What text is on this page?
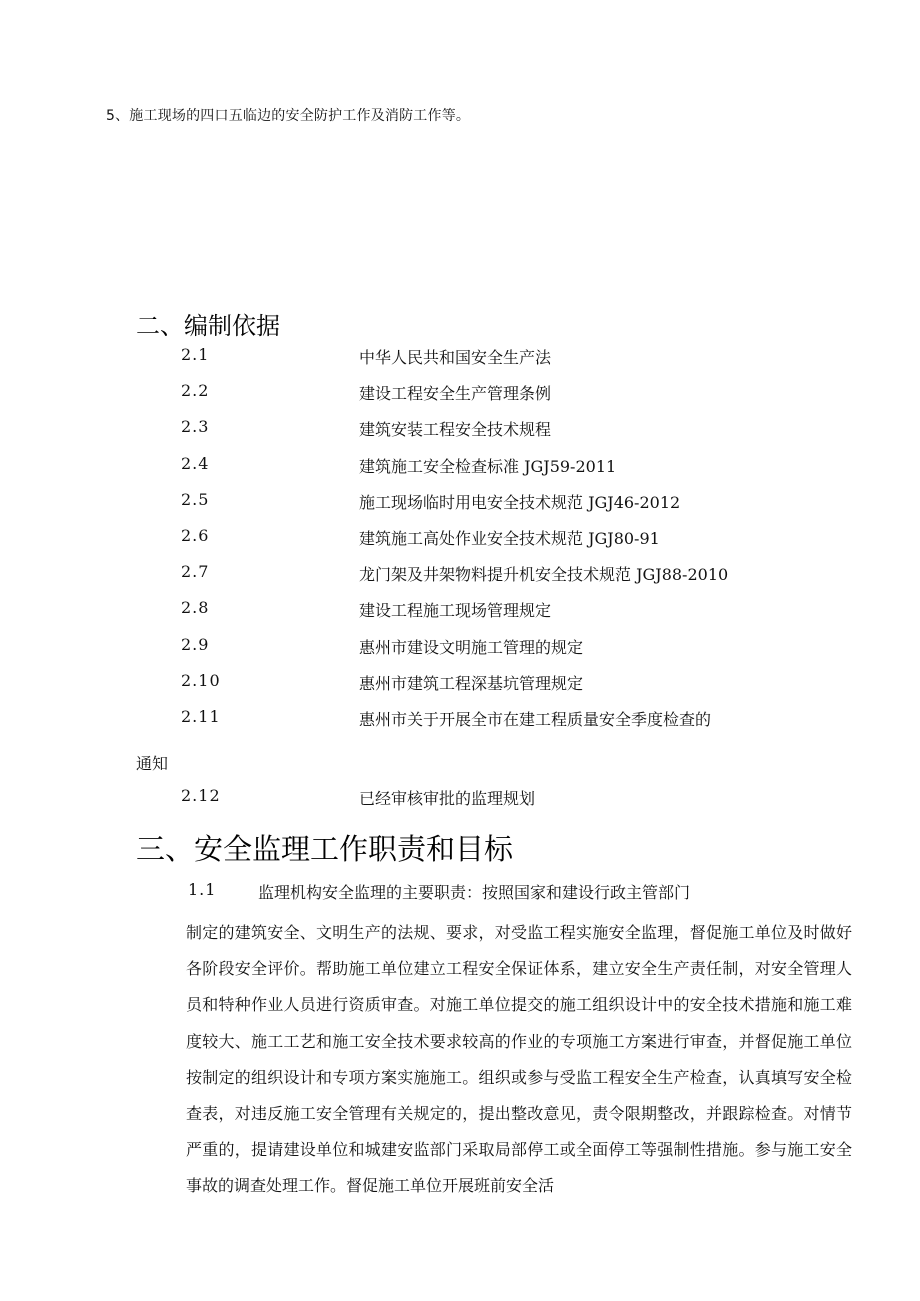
5、施工现场的四口五临边的安全防护工作及消防工作等。
二、编制依据
2.1	中华人民共和国安全生产法
2.2	建设工程安全生产管理条例
2.3	建筑安装工程安全技术规程
2.4	建筑施工安全检查标准 JGJ59-2011
2.5	施工现场临时用电安全技术规范 JGJ46-2012
2.6	建筑施工高处作业安全技术规范 JGJ80-91
2.7	龙门架及井架物料提升机安全技术规范 JGJ88-2010
2.8	建设工程施工现场管理规定
2.9	惠州市建设文明施工管理的规定
2.10	惠州市建筑工程深基坑管理规定
2.11	惠州市关于开展全市在建工程质量安全季度检查的
通知
2.12	已经审核审批的监理规划
三、安全监理工作职责和目标
1.1	监理机构安全监理的主要职责：按照国家和建设行政主管部门
制定的建筑安全、文明生产的法规、要求，对受监工程实施安全监理，督促施工单位及时做好各阶段安全评价。帮助施工单位建立工程安全保证体系，建立安全生产责任制，对安全管理人员和特种作业人员进行资质审查。对施工单位提交的施工组织设计中的安全技术措施和施工难度较大、施工工艺和施工安全技术要求较高的作业的专项施工方案进行审查，并督促施工单位按制定的组织设计和专项方案实施施工。组织或参与受监工程安全生产检查，认真填写安全检查表，对违反施工安全管理有关规定的，提出整改意见，责令限期整改，并跟踪检查。对情节严重的，提请建设单位和城建安监部门采取局部停工或全面停工等强制性措施。参与施工安全事故的调查处理工作。督促施工单位开展班前安全活
